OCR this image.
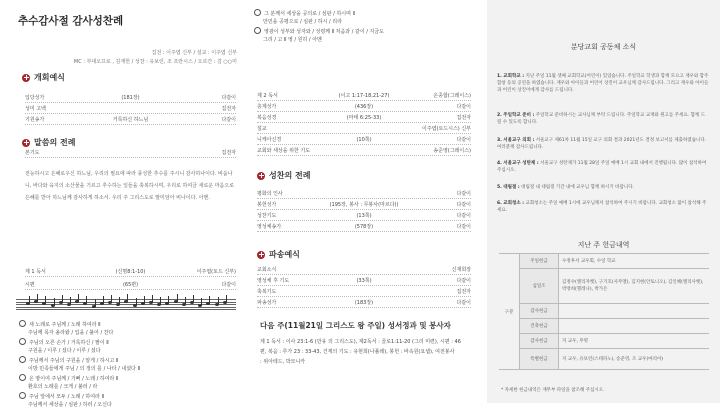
추수감사절 감사성찬례
집전 : 이주엽 신부 / 설교 : 이주엽 신부
MC : 부대오프로 , 김재헌 / 성찬 : 유보런, 조 프란시스 / 오르간 : 김 ○○미
개회예식
입당성가	(181장)	다같이
성미 고백	집전자
기원송가	거룩하신 하느님	다같이
말씀의 전례
본기도	집전자
전능하시고 은혜로우신 하느님, 우리의 필요에 따라 풍성한 추수를 주시니 감사하나이다. 비옵나니, 바다와 육지의 소산물을 기르고 추수하는 일들을 축복하시며, 우리로 하여금 새로운 마음으로 은혜를 받아 하느님께 감사하게 하소서. 우리 주 그리스도로 말미암아 비나이다. 아멘.
제 1 독서	(신명8:1-10)	이주엽(토드 신부)
시편	(65편)	다같이
새 노래로 주님께 / 노래 하여라 Ⅱ
주님께 목자 올라왔 / 입을 / 불어 / 찬다
주님의 오른 손가 / 거룩하신 / 팔이 Ⅱ
구원을 / 이루 / 셨다 / 이루 / 셨다
주님께서 주님의 구원을 / 알게 / 하시고 Ⅱ
이방 민족들에게 주님 / 의 정의 를 / 나타 / 내셨다 Ⅱ
온 땅이여 주님께 / 기뻐 / 노래 / 하여라 Ⅱ
환호의 노래를 / 크게 / 불러 / 라
주님 앞에서 모두 / 노래 / 하여라 Ⅱ
주님께서 세상을 / 심판 / 하러 / 오신다
그 분께서 세상을 공의로 / 심판 / 하시며 Ⅱ
만민을 공평으로 / 심판 / 하시 / 리라
영광이 성부와 성자와 / 성령께 Ⅱ 처음과 / 같이 / 지금도
그리 / 고 Ⅱ 영 / 원히 / 아멘
제 2 독서	(이고 1:17-18,21-27)	온종합(그레이스)
층계성가	(436장)	다같이
복음성경	(마태 6:25-33)	집전자
설교	이주엽(토드시스) 신부
니케아신경	(10쪽)	다같이
교회와 세상을 위한 기도	송준영(그레이스)
성찬의 전례
평화의 인사	다같이
봉헌성가	(195장, 봉사 : 무봉사(마르다))	다같이
성찬기도	(13쪽)	다같이
영성체송가	(578장)	다같이
파송예식
교회소식	신재희장
영성체 후 기도	(33쪽)	다같이
축복기도	집전자
파송성가	(183장)	다같이
다음 주(11월21일 그리스도 왕 주일) 성서정과 및 봉사자
제 1 독서 : 이사 23:1-6 (만유 의 그리스도), 제2독서 : 골로1:11-20 (그리 미련), 시편 : 46
편, 복음 : 루가 23 : 33-43, 건재의 기도 : 유현희(나폴레), 봉헌 : 바속원(요셉), 여전봉사
: 위아테드, 박모니카
분당교회 공동체 소식
1. 교회학교 : 지난 주일 11월 셋째 교회학교(어린이) 있었습니다. 주일학교 학생과 함께 모으고 재우와 합주 합창 등의 공연을 하였습니다. 재우와 아이들과 어린이 상진이 교우님께 감사드립니다. 그리고 재우와 아이들과 어린이 상진이에게 감사를 드립니다.
2. 주일학교 준비 : 주일학교 준비하시는 교사님께 부탁 드립니다. 주일학교 교재와 원고를 주세요. 함께 드릴 수 있도록 합니다.
3. 서울교구 의회 : 서울교구 제61차 11월 15일 교구 의회 결과 2021년도 결정 보고서를 제출하였습니다. 여러분께 감사드립니다.
4. 서울교구 성탄제 : 서울교구 성탄제가 11월 28일 주일 예배 1시 교회 내에서 진행됩니다. 많이 참석하여 주십시오.
5. 대림절 : 대림절 내 대림절 기간 내에 교우님 함께 하시기 바랍니다.
6. 교회청소 : 교회청소는 주일 예배 1시에 교우님께서 참석하여 주시기 바랍니다. 교회청소 많이 참석해 주세요.
지난 주 헌금내역
구분	주일헌금	수정후서 교우회, 수일 학교
	십일조	김정수(엘리자벳), 구기호(사무엘), 김지현(안토니오), 김인혜(엘리사벳), 박영희(헬레나), 박가온
	감사헌금	
	건축헌금	
	감사헌금	지 교우, 무명
	특별헌금	지 교우, 유보런(스테파노), 송준영, 조 교우(마리아)
* 자세한 헌금내역은 재무부 파일을 참조해 주십시오.
